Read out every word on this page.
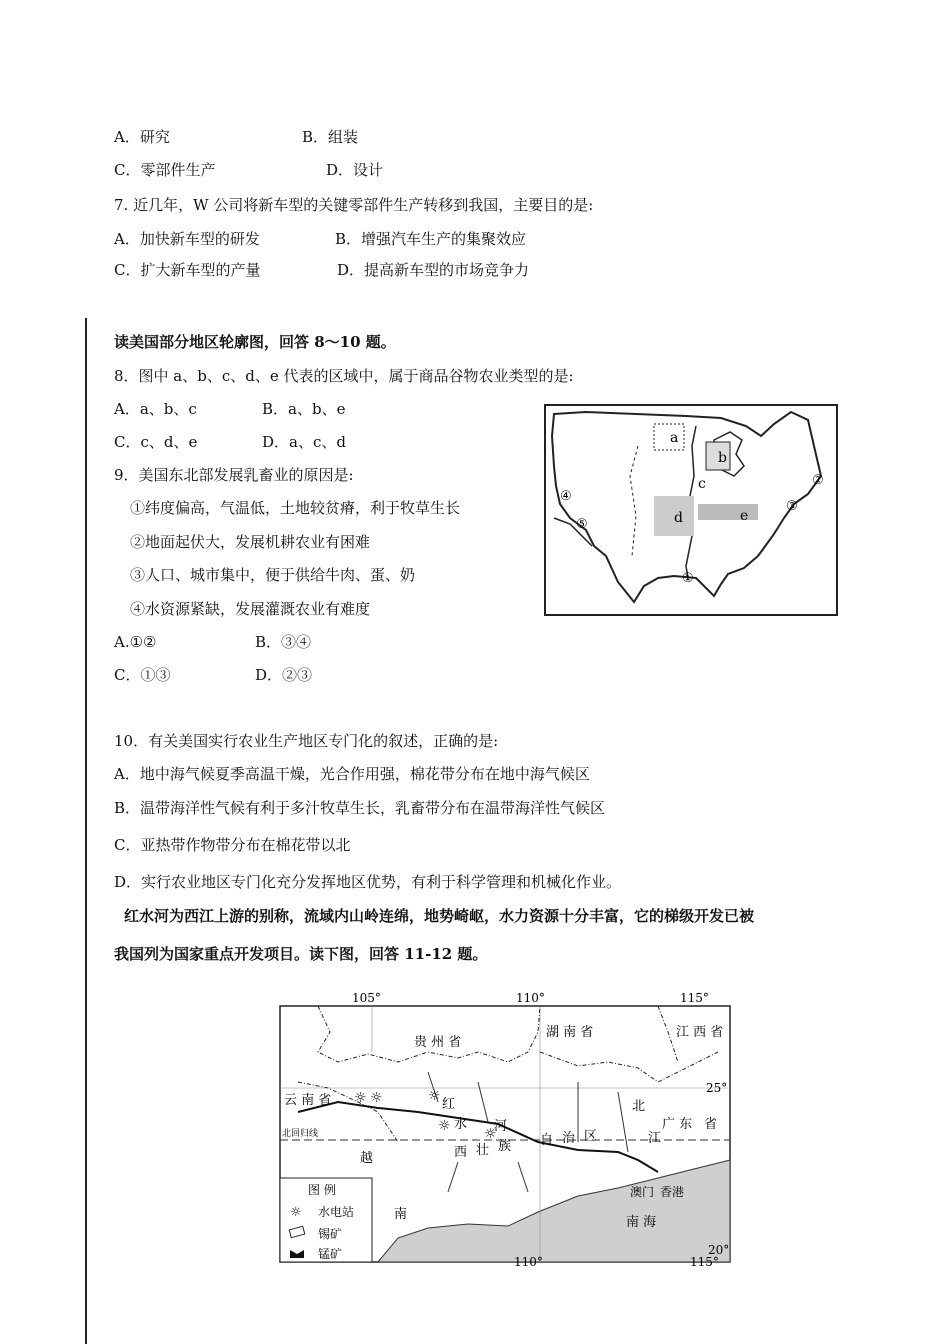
A．研究	B．组装
C．零部件生产	D．设计
7. 近几年，W 公司将新车型的关键零部件生产转移到我国，主要目的是:
A．加快新车型的研发	B．增强汽车生产的集聚效应
C．扩大新车型的产量	D．提高新车型的市场竞争力
读美国部分地区轮廓图，回答 8～10 题。
8．图中 a、b、c、d、e 代表的区域中，属于商品谷物农业类型的是:
A．a、b、c	B．a、b、e
C．c、d、e	D．a、c、d
9．美国东北部发展乳畜业的原因是:
①纬度偏高，气温低，土地较贫瘠，利于牧草生长
②地面起伏大，发展机耕农业有困难
③人口、城市集中，便于供给牛肉、蛋、奶
④水资源紧缺，发展灌溉农业有难度
A.①②	B．③④
C．①③	D．②③
a
b
c
d	e
①
②
③
④
⑤
10．有关美国实行农业生产地区专门化的叙述，正确的是:
A．地中海气候夏季高温干燥，光合作用强，棉花带分布在地中海气候区
B．温带海洋性气候有利于多汁牧草生长，乳畜带分布在温带海洋性气候区
C．亚热带作物带分布在棉花带以北
D．实行农业地区专门化充分发挥地区优势，有利于科学管理和机械化作业。
红水河为西江上游的别称，流域内山岭连绵，地势崎岖，水力资源十分丰富，它的梯级开发已被
我国列为国家重点开发项目。读下图，回答 11-12 题。
☼ ☼	☼
☼ ☼
105°	110°	115°
110°	115°
25°
20°
北回归线
贵 州 省
湖 南 省	江 西 省
云 南 省
广 东 省
西 壮 族 自 治 区
红
水 河
北
江
越
南
澳门 香港
南 海
图 例
☼ 水电站
锡矿
锰矿
